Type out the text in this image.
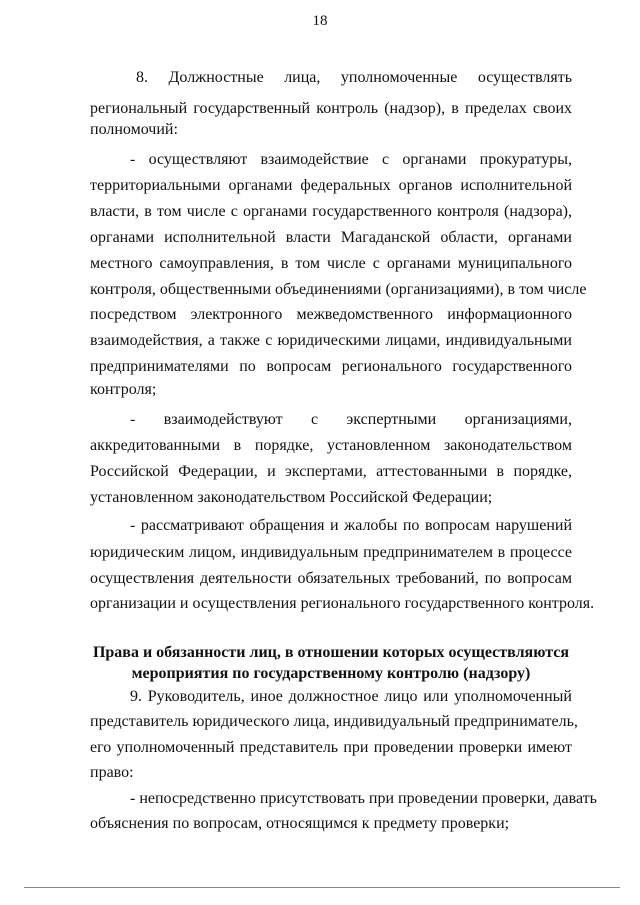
18
8. Должностные лица, уполномоченные осуществлять
региональный государственный контроль (надзор), в пределах своих
полномочий:
- осуществляют взаимодействие с органами прокуратуры,
территориальными органами федеральных органов исполнительной
власти, в том числе с органами государственного контроля (надзора),
органами исполнительной власти Магаданской области, органами
местного самоуправления, в том числе с органами муниципального
контроля, общественными объединениями (организациями), в том числе
посредством электронного межведомственного информационного
взаимодействия, а также с юридическими лицами, индивидуальными
предпринимателями по вопросам регионального государственного
контроля;
- взаимодействуют с экспертными организациями,
аккредитованными в порядке, установленном законодательством
Российской Федерации, и экспертами, аттестованными в порядке,
установленном законодательством Российской Федерации;
- рассматривают обращения и жалобы по вопросам нарушений
юридическим лицом, индивидуальным предпринимателем в процессе
осуществления деятельности обязательных требований, по вопросам
организации и осуществления регионального государственного контроля.
Права и обязанности лиц, в отношении которых осуществляются
мероприятия по государственному контролю (надзору)
9. Руководитель, иное должностное лицо или уполномоченный
представитель юридического лица, индивидуальный предприниматель,
его уполномоченный представитель при проведении проверки имеют
право:
- непосредственно присутствовать при проведении проверки, давать
объяснения по вопросам, относящимся к предмету проверки;
